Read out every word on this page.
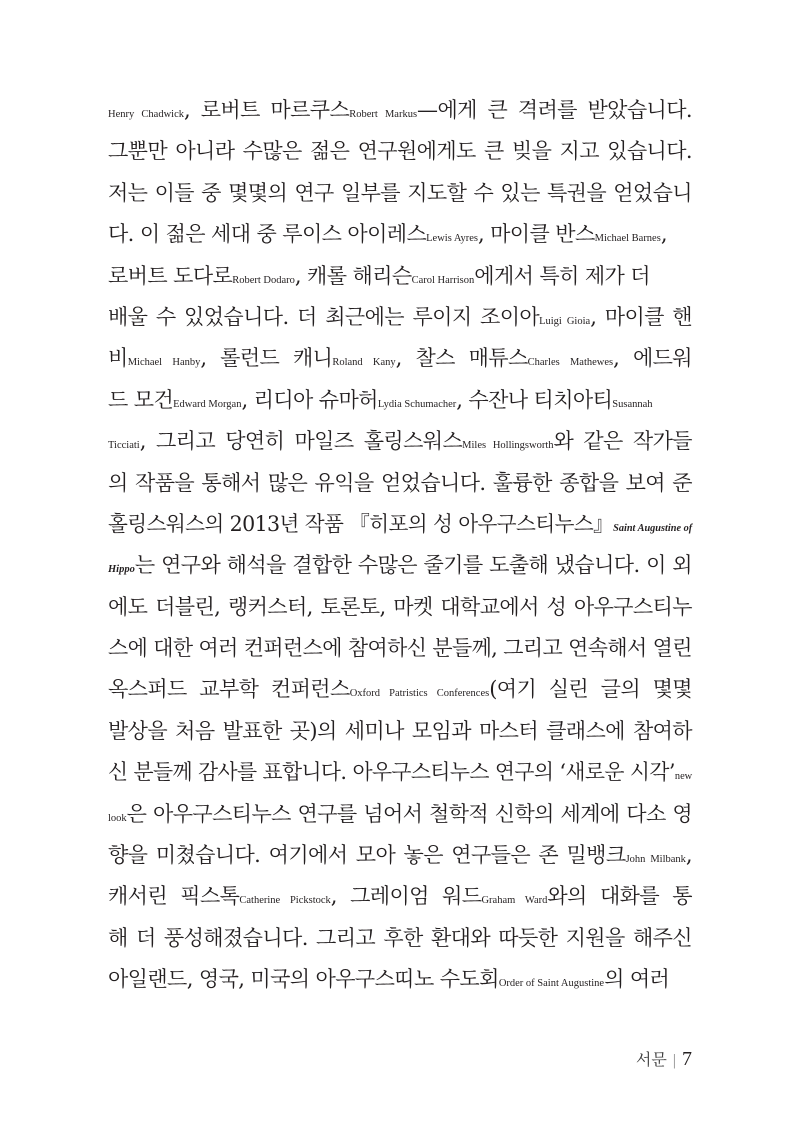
Henry Chadwick, 로버트 마르쿠스Robert Markus—에게 큰 격려를 받았습니다.
그뿐만 아니라 수많은 젊은 연구원에게도 큰 빚을 지고 있습니다.
저는 이들 중 몇몇의 연구 일부를 지도할 수 있는 특권을 얻었습니
다. 이 젊은 세대 중 루이스 아이레스Lewis Ayres, 마이클 반스Michael Barnes,
로버트 도다로Robert Dodaro, 캐롤 해리슨Carol Harrison에게서 특히 제가 더
배울 수 있었습니다. 더 최근에는 루이지 조이아Luigi Gioia, 마이클 핸
비Michael Hanby, 롤런드 캐니Roland Kany, 찰스 매튜스Charles Mathewes, 에드워
드 모건Edward Morgan, 리디아 슈마허Lydia Schumacher, 수잔나 티치아티Susannah
Ticciati, 그리고 당연히 마일즈 홀링스워스Miles Hollingsworth와 같은 작가들
의 작품을 통해서 많은 유익을 얻었습니다. 훌륭한 종합을 보여 준
홀링스워스의 2013년 작품 『히포의 성 아우구스티누스』Saint Augustine of
Hippo는 연구와 해석을 결합한 수많은 줄기를 도출해 냈습니다. 이 외
에도 더블린, 랭커스터, 토론토, 마켓 대학교에서 성 아우구스티누
스에 대한 여러 컨퍼런스에 참여하신 분들께, 그리고 연속해서 열린
옥스퍼드 교부학 컨퍼런스Oxford Patristics Conferences(여기 실린 글의 몇몇
발상을 처음 발표한 곳)의 세미나 모임과 마스터 클래스에 참여하
신 분들께 감사를 표합니다. 아우구스티누스 연구의 ‘새로운 시각’new
look은 아우구스티누스 연구를 넘어서 철학적 신학의 세계에 다소 영
향을 미쳤습니다. 여기에서 모아 놓은 연구들은 존 밀뱅크John Milbank,
캐서린 픽스톡Catherine Pickstock, 그레이엄 워드Graham Ward와의 대화를 통
해 더 풍성해졌습니다. 그리고 후한 환대와 따듯한 지원을 해주신
아일랜드, 영국, 미국의 아우구스띠노 수도회Order of Saint Augustine의 여러
서문 | 7
